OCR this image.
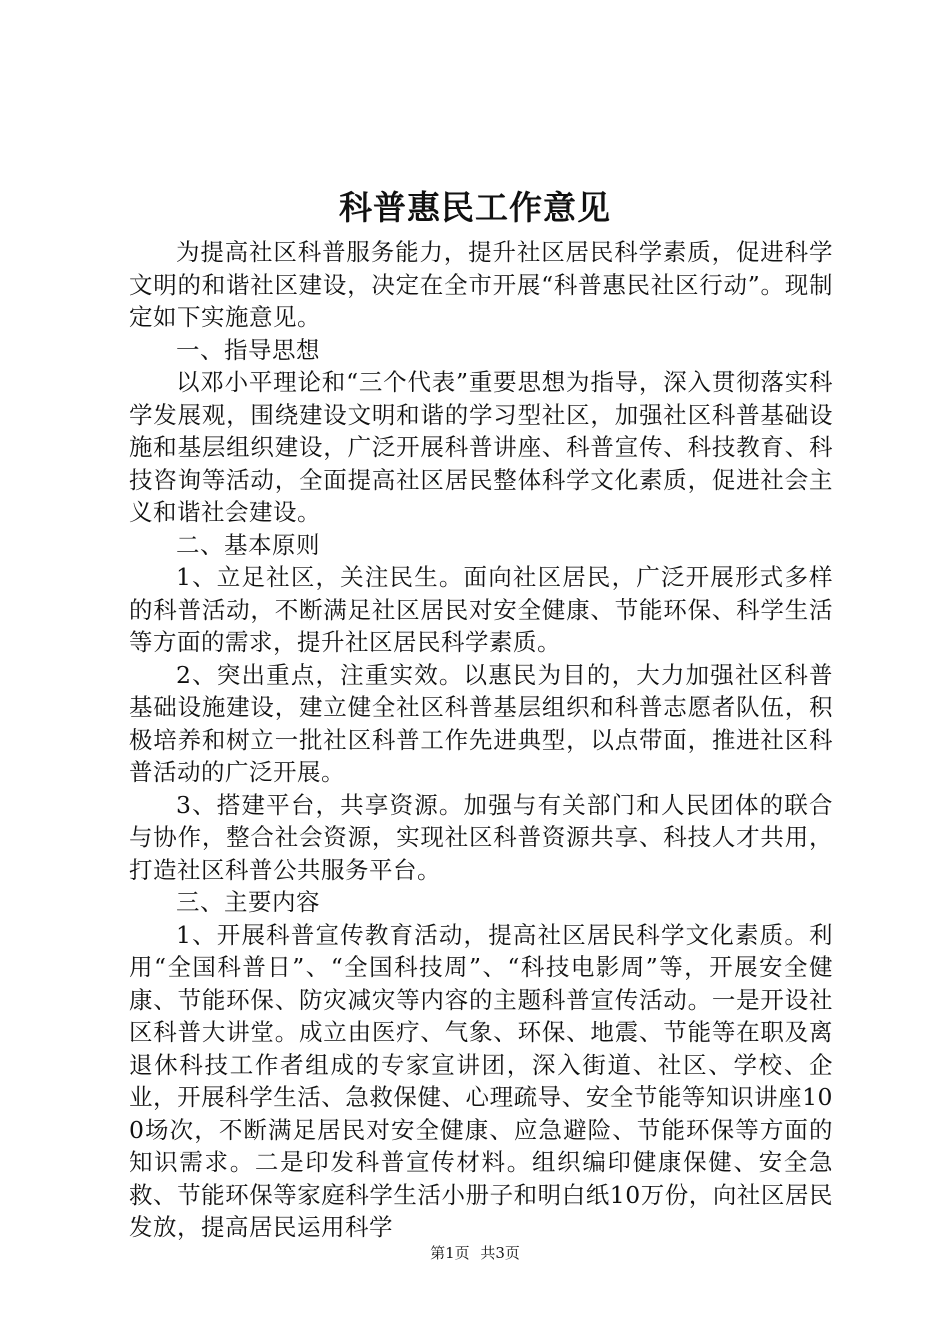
科普惠民工作意见

为提高社区科普服务能力，提升社区居民科学素质，促进科学文明的和谐社区建设，决定在全市开展“科普惠民社区行动”。现制定如下实施意见。

一、指导思想

以邓小平理论和“三个代表”重要思想为指导，深入贯彻落实科学发展观，围绕建设文明和谐的学习型社区，加强社区科普基础设施和基层组织建设，广泛开展科普讲座、科普宣传、科技教育、科技咨询等活动，全面提高社区居民整体科学文化素质，促进社会主义和谐社会建设。

二、基本原则

1、立足社区，关注民生。面向社区居民，广泛开展形式多样的科普活动，不断满足社区居民对安全健康、节能环保、科学生活等方面的需求，提升社区居民科学素质。

2、突出重点，注重实效。以惠民为目的，大力加强社区科普基础设施建设，建立健全社区科普基层组织和科普志愿者队伍，积极培养和树立一批社区科普工作先进典型，以点带面，推进社区科普活动的广泛开展。

3、搭建平台，共享资源。加强与有关部门和人民团体的联合与协作，整合社会资源，实现社区科普资源共享、科技人才共用，打造社区科普公共服务平台。

三、主要内容

1、开展科普宣传教育活动，提高社区居民科学文化素质。利用“全国科普日”、“全国科技周”、“科技电影周”等，开展安全健康、节能环保、防灾减灾等内容的主题科普宣传活动。一是开设社区科普大讲堂。成立由医疗、气象、环保、地震、节能等在职及离退休科技工作者组成的专家宣讲团，深入街道、社区、学校、企业，开展科学生活、急救保健、心理疏导、安全节能等知识讲座100场次，不断满足居民对安全健康、应急避险、节能环保等方面的知识需求。二是印发科普宣传材料。组织编印健康保健、安全急救、节能环保等家庭科学生活小册子和明白纸10万份，向社区居民发放，提高居民运用科学

第1页 共3页
